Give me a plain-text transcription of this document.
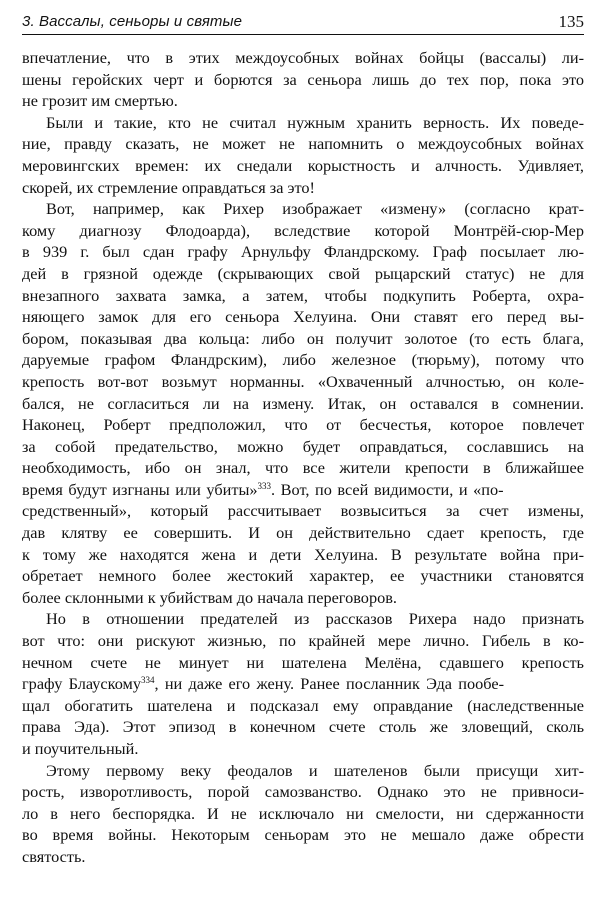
3. Вассалы, сеньоры и святые	135
впечатление, что в этих междоусобных войнах бойцы (вассалы) ли-
шены геройских черт и борются за сеньора лишь до тех пор, пока это
не грозит им смертью.
Были и такие, кто не считал нужным хранить верность. Их поведе-
ние, правду сказать, не может не напомнить о междоусобных войнах
меровингских времен: их снедали корыстность и алчность. Удивляет,
скорей, их стремление оправдаться за это!
Вот, например, как Рихер изображает «измену» (согласно крат-
кому диагнозу Флодоарда), вследствие которой Монтрёй-сюр-Мер
в 939 г. был сдан графу Арнульфу Фландрскому. Граф посылает лю-
дей в грязной одежде (скрывающих свой рыцарский статус) не для
внезапного захвата замка, а затем, чтобы подкупить Роберта, охра-
няющего замок для его сеньора Хелуина. Они ставят его перед вы-
бором, показывая два кольца: либо он получит золотое (то есть блага,
даруемые графом Фландрским), либо железное (тюрьму), потому что
крепость вот-вот возьмут норманны. «Охваченный алчностью, он коле-
бался, не согласиться ли на измену. Итак, он оставался в сомнении.
Наконец, Роберт предположил, что от бесчестья, которое повлечет
за собой предательство, можно будет оправдаться, сославшись на
необходимость, ибо он знал, что все жители крепости в ближайшее
время будут изгнаны или убиты»$^{333}$. Вот, по всей видимости, и «по-
средственный», который рассчитывает возвыситься за счет измены,
дав клятву ее совершить. И он действительно сдает крепость, где
к тому же находятся жена и дети Хелуина. В результате война при-
обретает немного более жестокий характер, ее участники становятся
более склонными к убийствам до начала переговоров.
Но в отношении предателей из рассказов Рихера надо признать
вот что: они рискуют жизнью, по крайней мере лично. Гибель в ко-
нечном счете не минует ни шателена Мелёна, сдавшего крепость
графу Блаускому$^{334}$, ни даже его жену. Ранее посланник Эда пообе-
щал обогатить шателена и подсказал ему оправдание (наследственные
права Эда). Этот эпизод в конечном счете столь же зловещий, сколь
и поучительный.
Этому первому веку феодалов и шателенов были присущи хит-
рость, изворотливость, порой самозванство. Однако это не привноси-
ло в него беспорядка. И не исключало ни смелости, ни сдержанности
во время войны. Некоторым сеньорам это не мешало даже обрести
святость.
